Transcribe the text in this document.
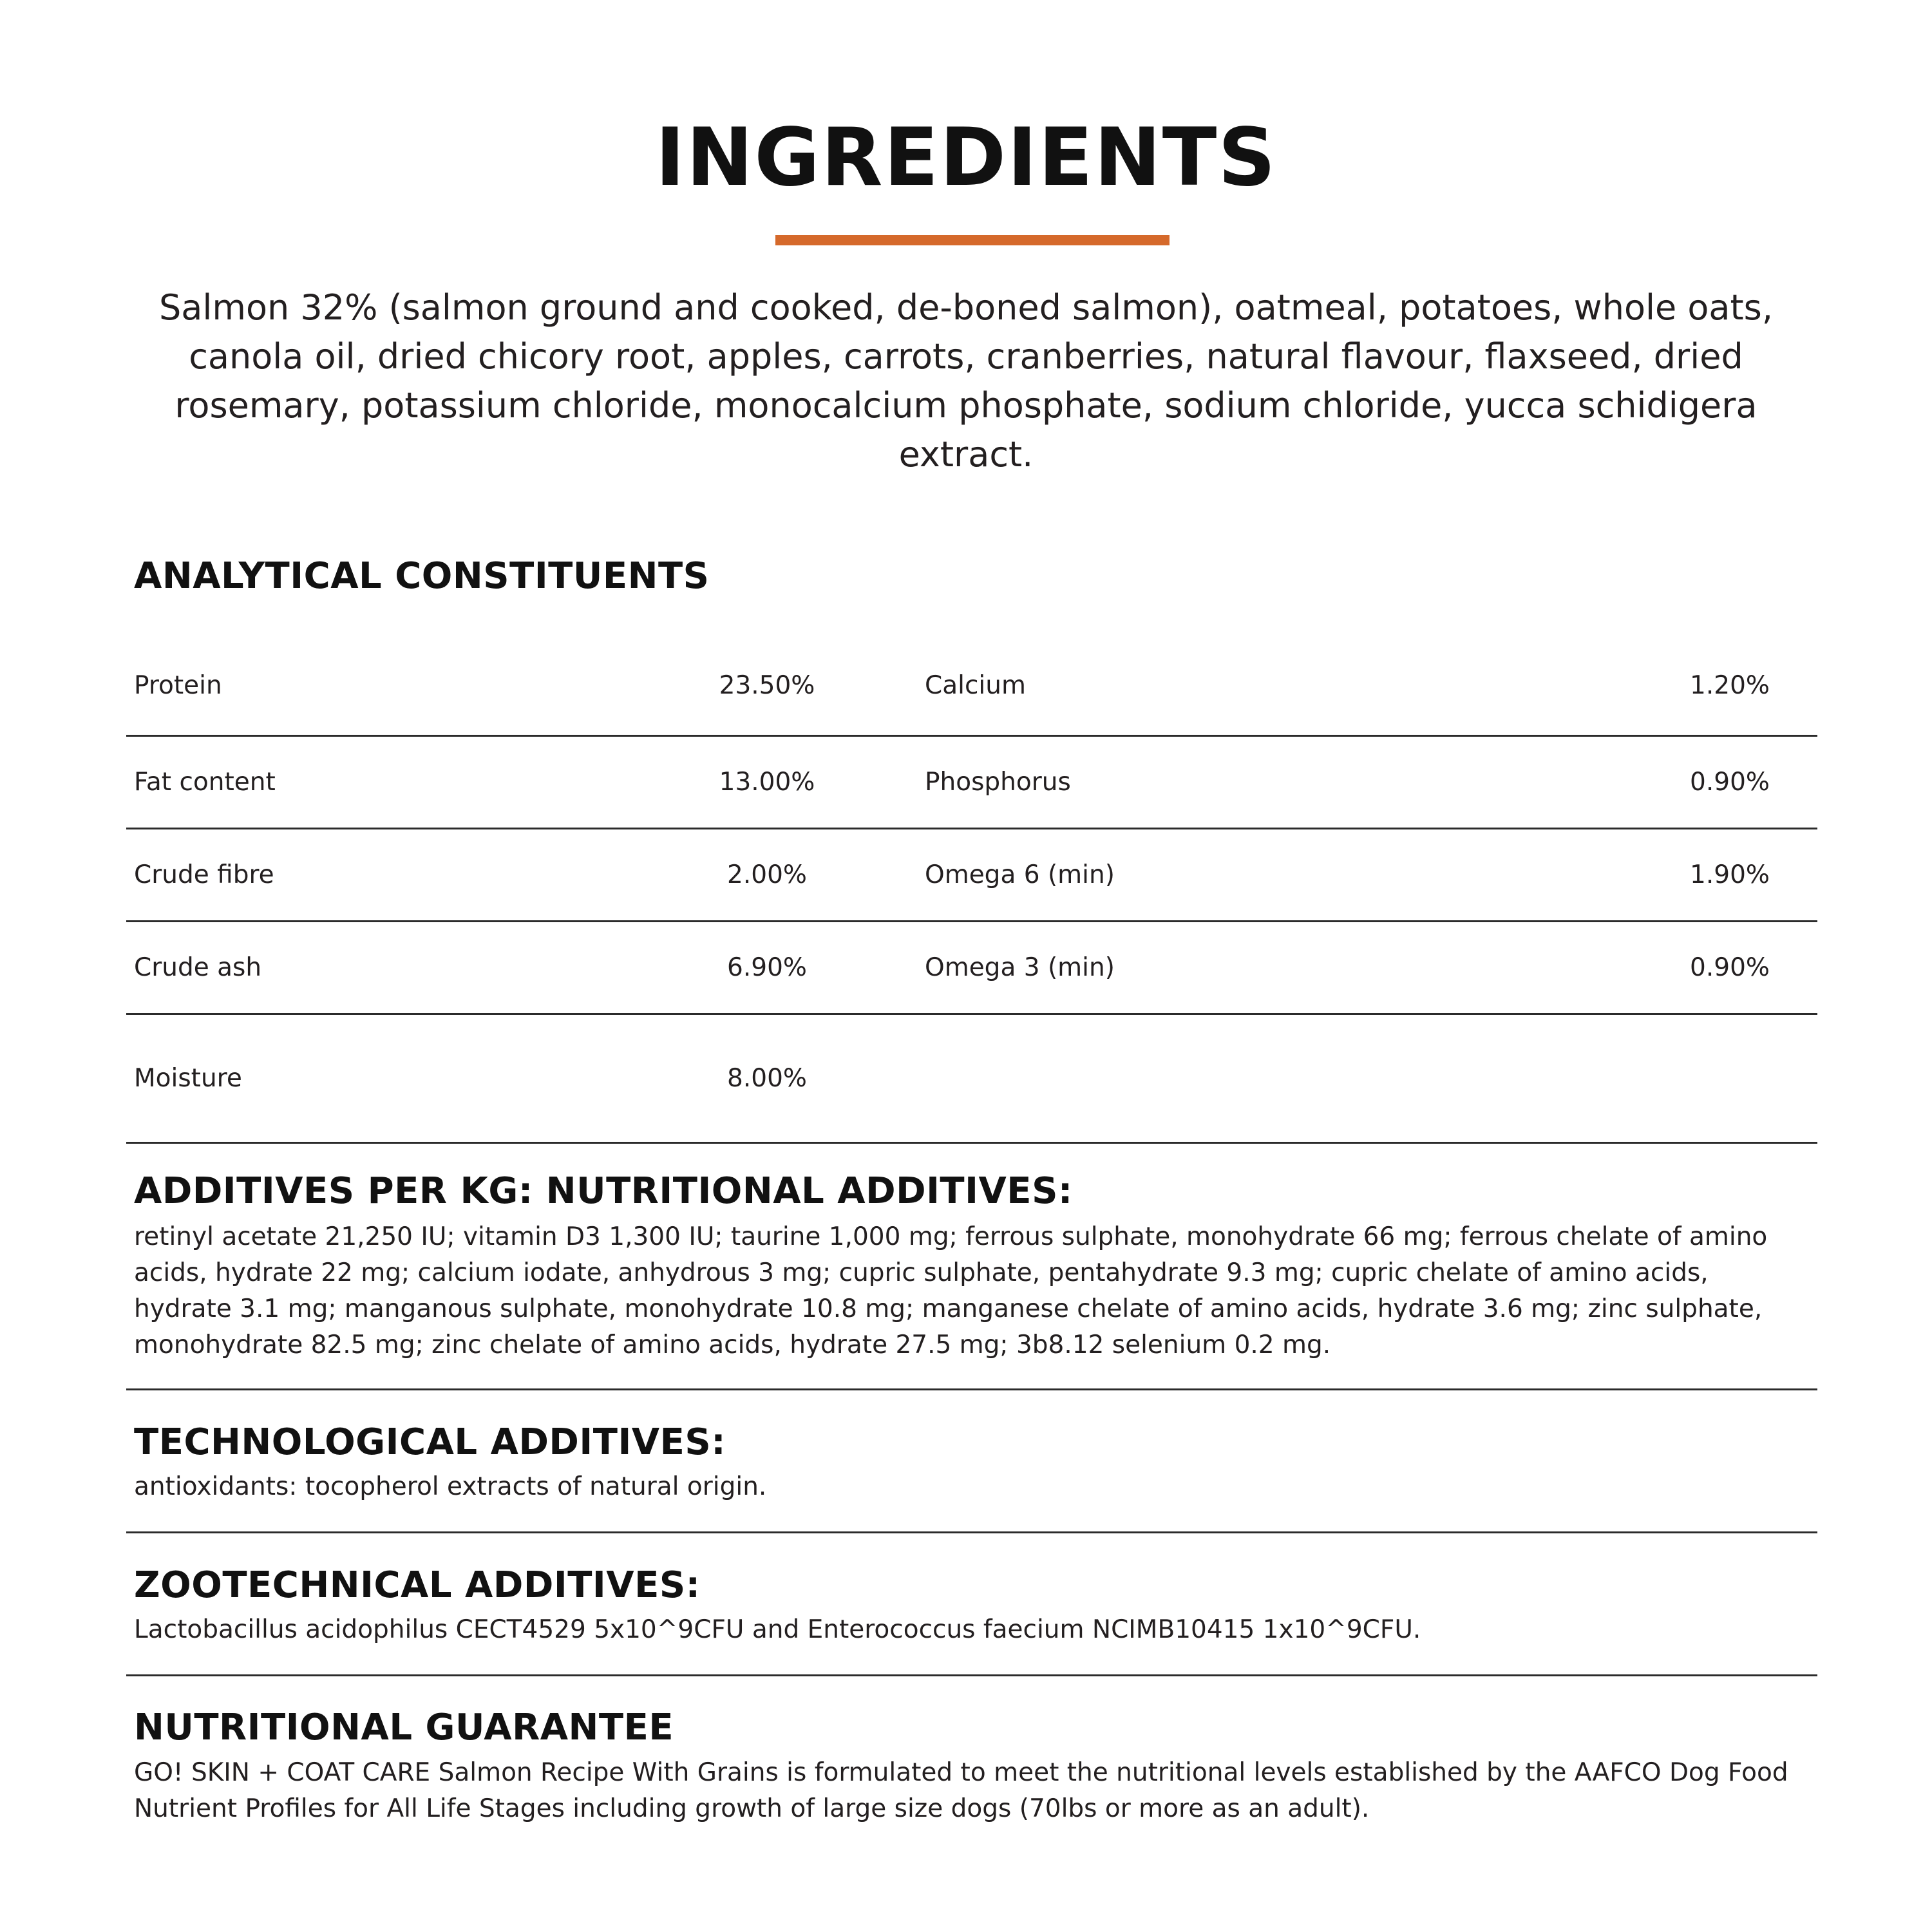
INGREDIENTS

Salmon 32% (salmon ground and cooked, de-boned salmon), oatmeal, potatoes, whole oats, canola oil, dried chicory root, apples, carrots, cranberries, natural flavour, flaxseed, dried rosemary, potassium chloride, monocalcium phosphate, sodium chloride, yucca schidigera extract.

ANALYTICAL CONSTITUENTS
Protein	23.50%	Calcium	1.20%
Fat content	13.00%	Phosphorus	0.90%
Crude fibre	2.00%	Omega 6 (min)	1.90%
Crude ash	6.90%	Omega 3 (min)	0.90%
Moisture	8.00%
ADDITIVES PER KG: NUTRITIONAL ADDITIVES:

retinyl acetate 21,250 IU; vitamin D3 1,300 IU; taurine 1,000 mg; ferrous sulphate, monohydrate 66 mg; ferrous chelate of amino acids, hydrate 22 mg; calcium iodate, anhydrous 3 mg; cupric sulphate, pentahydrate 9.3 mg; cupric chelate of amino acids, hydrate 3.1 mg; manganous sulphate, monohydrate 10.8 mg; manganese chelate of amino acids, hydrate 3.6 mg; zinc sulphate, monohydrate 82.5 mg; zinc chelate of amino acids, hydrate 27.5 mg; 3b8.12 selenium 0.2 mg.

TECHNOLOGICAL ADDITIVES:

antioxidants: tocopherol extracts of natural origin.

ZOOTECHNICAL ADDITIVES:

Lactobacillus acidophilus CECT4529 5x10^9CFU and Enterococcus faecium NCIMB10415 1x10^9CFU.

NUTRITIONAL GUARANTEE

GO! SKIN + COAT CARE Salmon Recipe With Grains is formulated to meet the nutritional levels established by the AAFCO Dog Food Nutrient Profiles for All Life Stages including growth of large size dogs (70lbs or more as an adult).
